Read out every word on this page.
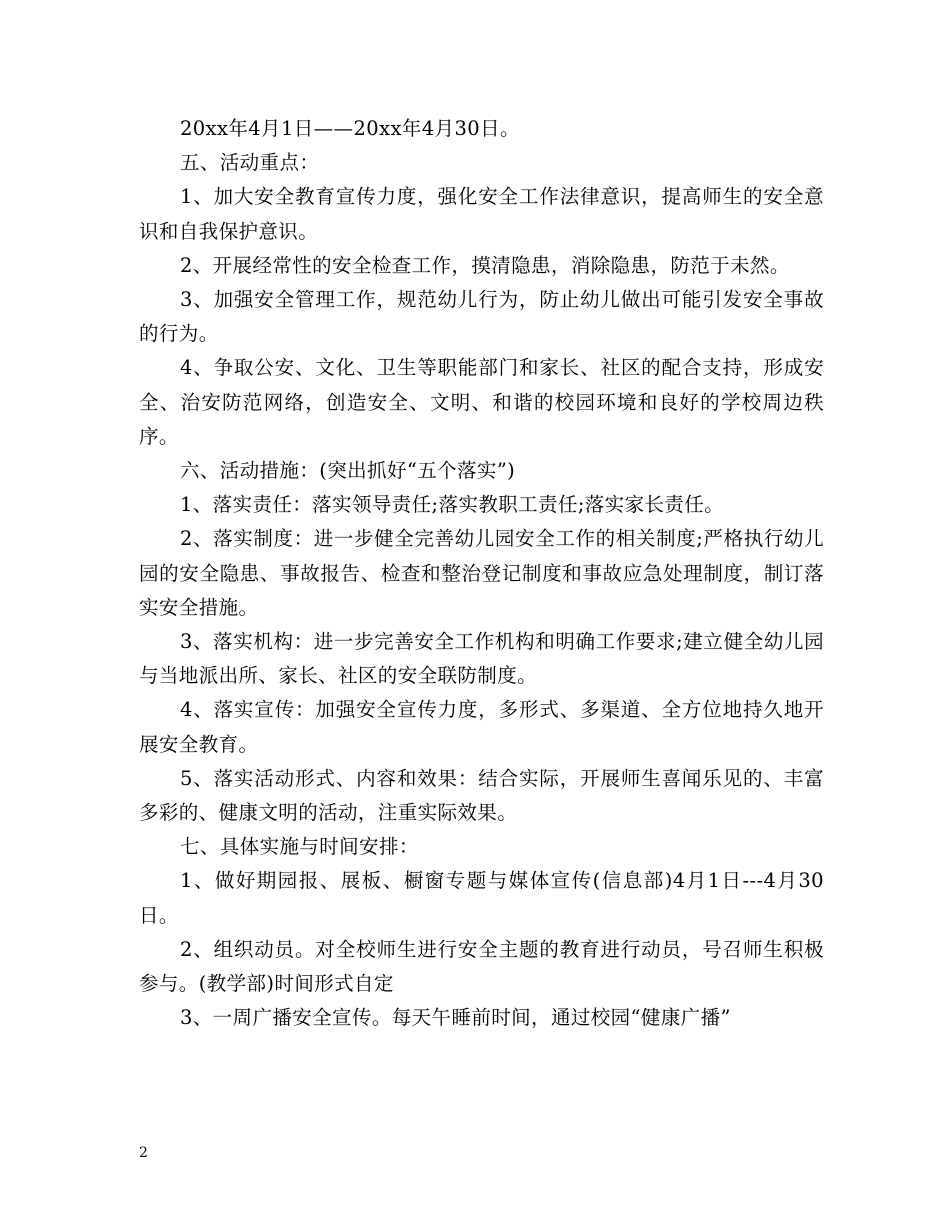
20xx年4月1日——20xx年4月30日。

五、活动重点：

1、加大安全教育宣传力度，强化安全工作法律意识，提高师生的安全意识和自我保护意识。

2、开展经常性的安全检查工作，摸清隐患，消除隐患，防范于未然。

3、加强安全管理工作，规范幼儿行为，防止幼儿做出可能引发安全事故的行为。

4、争取公安、文化、卫生等职能部门和家长、社区的配合支持，形成安全、治安防范网络，创造安全、文明、和谐的校园环境和良好的学校周边秩序。

六、活动措施：(突出抓好“五个落实”)

1、落实责任：落实领导责任;落实教职工责任;落实家长责任。

2、落实制度：进一步健全完善幼儿园安全工作的相关制度;严格执行幼儿园的安全隐患、事故报告、检查和整治登记制度和事故应急处理制度，制订落实安全措施。

3、落实机构：进一步完善安全工作机构和明确工作要求;建立健全幼儿园与当地派出所、家长、社区的安全联防制度。

4、落实宣传：加强安全宣传力度，多形式、多渠道、全方位地持久地开展安全教育。

5、落实活动形式、内容和效果：结合实际，开展师生喜闻乐见的、丰富多彩的、健康文明的活动，注重实际效果。

七、具体实施与时间安排：

1、做好期园报、展板、橱窗专题与媒体宣传(信息部)4月1日---4月30日。

2、组织动员。对全校师生进行安全主题的教育进行动员，号召师生积极参与。(教学部)时间形式自定

3、一周广播安全宣传。每天午睡前时间，通过校园“健康广播”

2
